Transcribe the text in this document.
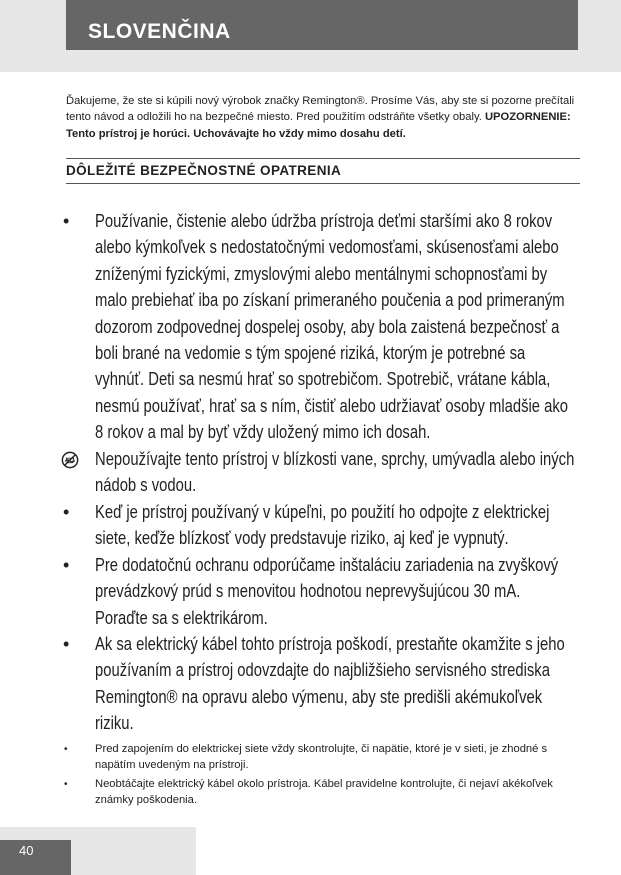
SLOVENČINA
Ďakujeme, že ste si kúpili nový výrobok značky Remington®. Prosíme Vás, aby ste si pozorne prečítali tento návod a odložili ho na bezpečné miesto. Pred použitím odstráňte všetky obaly. UPOZORNENIE: Tento prístroj je horúci. Uchovávajte ho vždy mimo dosahu detí.
DÔLEŽITÉ BEZPEČNOSTNÉ OPATRENIA
• Používanie, čistenie alebo údržba prístroja deťmi staršími ako 8 rokov alebo kýmkoľvek s nedostatočnými vedomosťami, skúsenosťami alebo zníženými fyzickými, zmyslovými alebo mentálnymi schopnosťami by malo prebiehať iba po získaní primeraného poučenia a pod primeraným dozorom zodpovednej dospelej osoby, aby bola zaistená bezpečnosť a boli brané na vedomie s tým spojené riziká, ktorým je potrebné sa vyhnúť. Deti sa nesmú hrať so spotrebičom. Spotrebič, vrátane kábla, nesmú používať, hrať sa s ním, čistiť alebo udržiavať osoby mladšie ako 8 rokov a mal by byť vždy uložený mimo ich dosah.
Nepoužívajte tento prístroj v blízkosti vane, sprchy, umývadla alebo iných nádob s vodou.
• Keď je prístroj používaný v kúpeľni, po použití ho odpojte z elektrickej siete, keďže blízkosť vody predstavuje riziko, aj keď je vypnutý.
• Pre dodatočnú ochranu odporúčame inštaláciu zariadenia na zvyškový prevádzkový prúd s menovitou hodnotou neprevyšujúcou 30 mA. Poraďte sa s elektrikárom.
• Ak sa elektrický kábel tohto prístroja poškodí, prestaňte okamžite s jeho používaním a prístroj odovzdajte do najbližšieho servisného strediska Remington® na opravu alebo výmenu, aby ste predišli akémukoľvek riziku.
• Pred zapojením do elektrickej siete vždy skontrolujte, či napätie, ktoré je v sieti, je zhodné s napätím uvedeným na prístroji.
• Neobtáčajte elektrický kábel okolo prístroja. Kábel pravidelne kontrolujte, či nejaví akékoľvek známky poškodenia.
40
